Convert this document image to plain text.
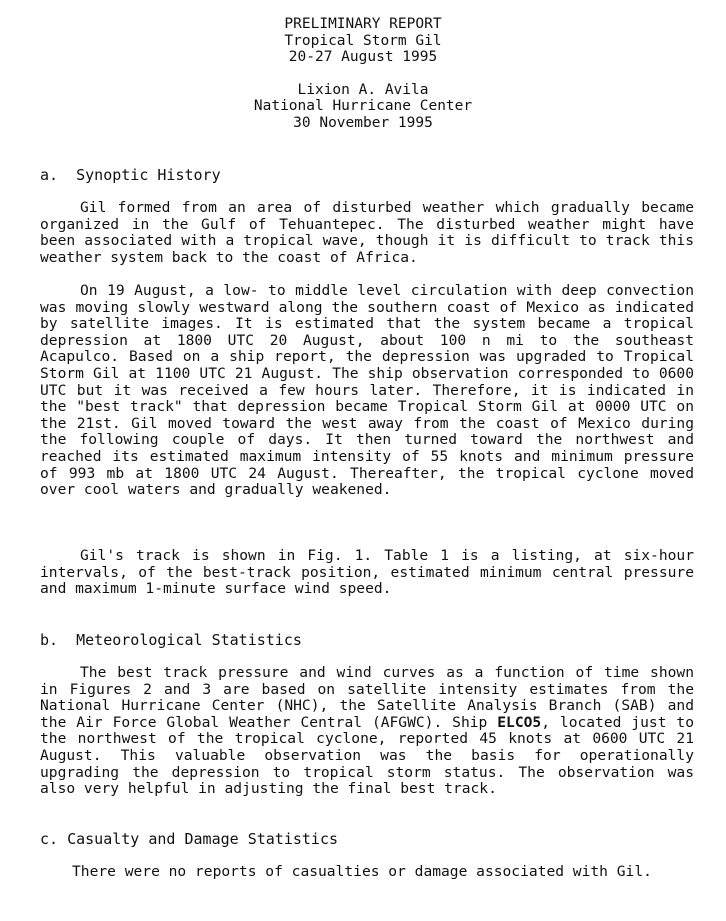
PRELIMINARY REPORT
Tropical Storm Gil
20-27 August 1995
Lixion A. Avila
National Hurricane Center
30 November 1995
a.  Synoptic History

Gil formed from an area of disturbed weather which gradually became organized in the Gulf of Tehuantepec. The disturbed weather might have been associated with a tropical wave, though it is difficult to track this weather system back to the coast of Africa.

On 19 August, a low- to middle level circulation with deep convection was moving slowly westward along the southern coast of Mexico as indicated by satellite images. It is estimated that the system became a tropical depression at 1800 UTC 20 August, about 100 n mi to the southeast Acapulco. Based on a ship report, the depression was upgraded to Tropical Storm Gil at 1100 UTC 21 August. The ship observation corresponded to 0600 UTC but it was received a few hours later. Therefore, it is indicated in the "best track" that depression became Tropical Storm Gil at 0000 UTC on the 21st. Gil moved toward the west away from the coast of Mexico during the following couple of days. It then turned toward the northwest and reached its estimated maximum intensity of 55 knots and minimum pressure of 993 mb at 1800 UTC 24 August. Thereafter, the tropical cyclone moved over cool waters and gradually weakened.

Gil's track is shown in Fig. 1. Table 1 is a listing, at six-hour intervals, of the best-track position, estimated minimum central pressure and maximum 1-minute surface wind speed.

b.  Meteorological Statistics

The best track pressure and wind curves as a function of time shown in Figures 2 and 3 are based on satellite intensity estimates from the National Hurricane Center (NHC), the Satellite Analysis Branch (SAB) and the Air Force Global Weather Central (AFGWC). Ship ELCO5, located just to the northwest of the tropical cyclone, reported 45 knots at 0600 UTC 21 August. This valuable observation was the basis for operationally upgrading the depression to tropical storm status. The observation was also very helpful in adjusting the final best track.

c. Casualty and Damage Statistics

There were no reports of casualties or damage associated with Gil.
